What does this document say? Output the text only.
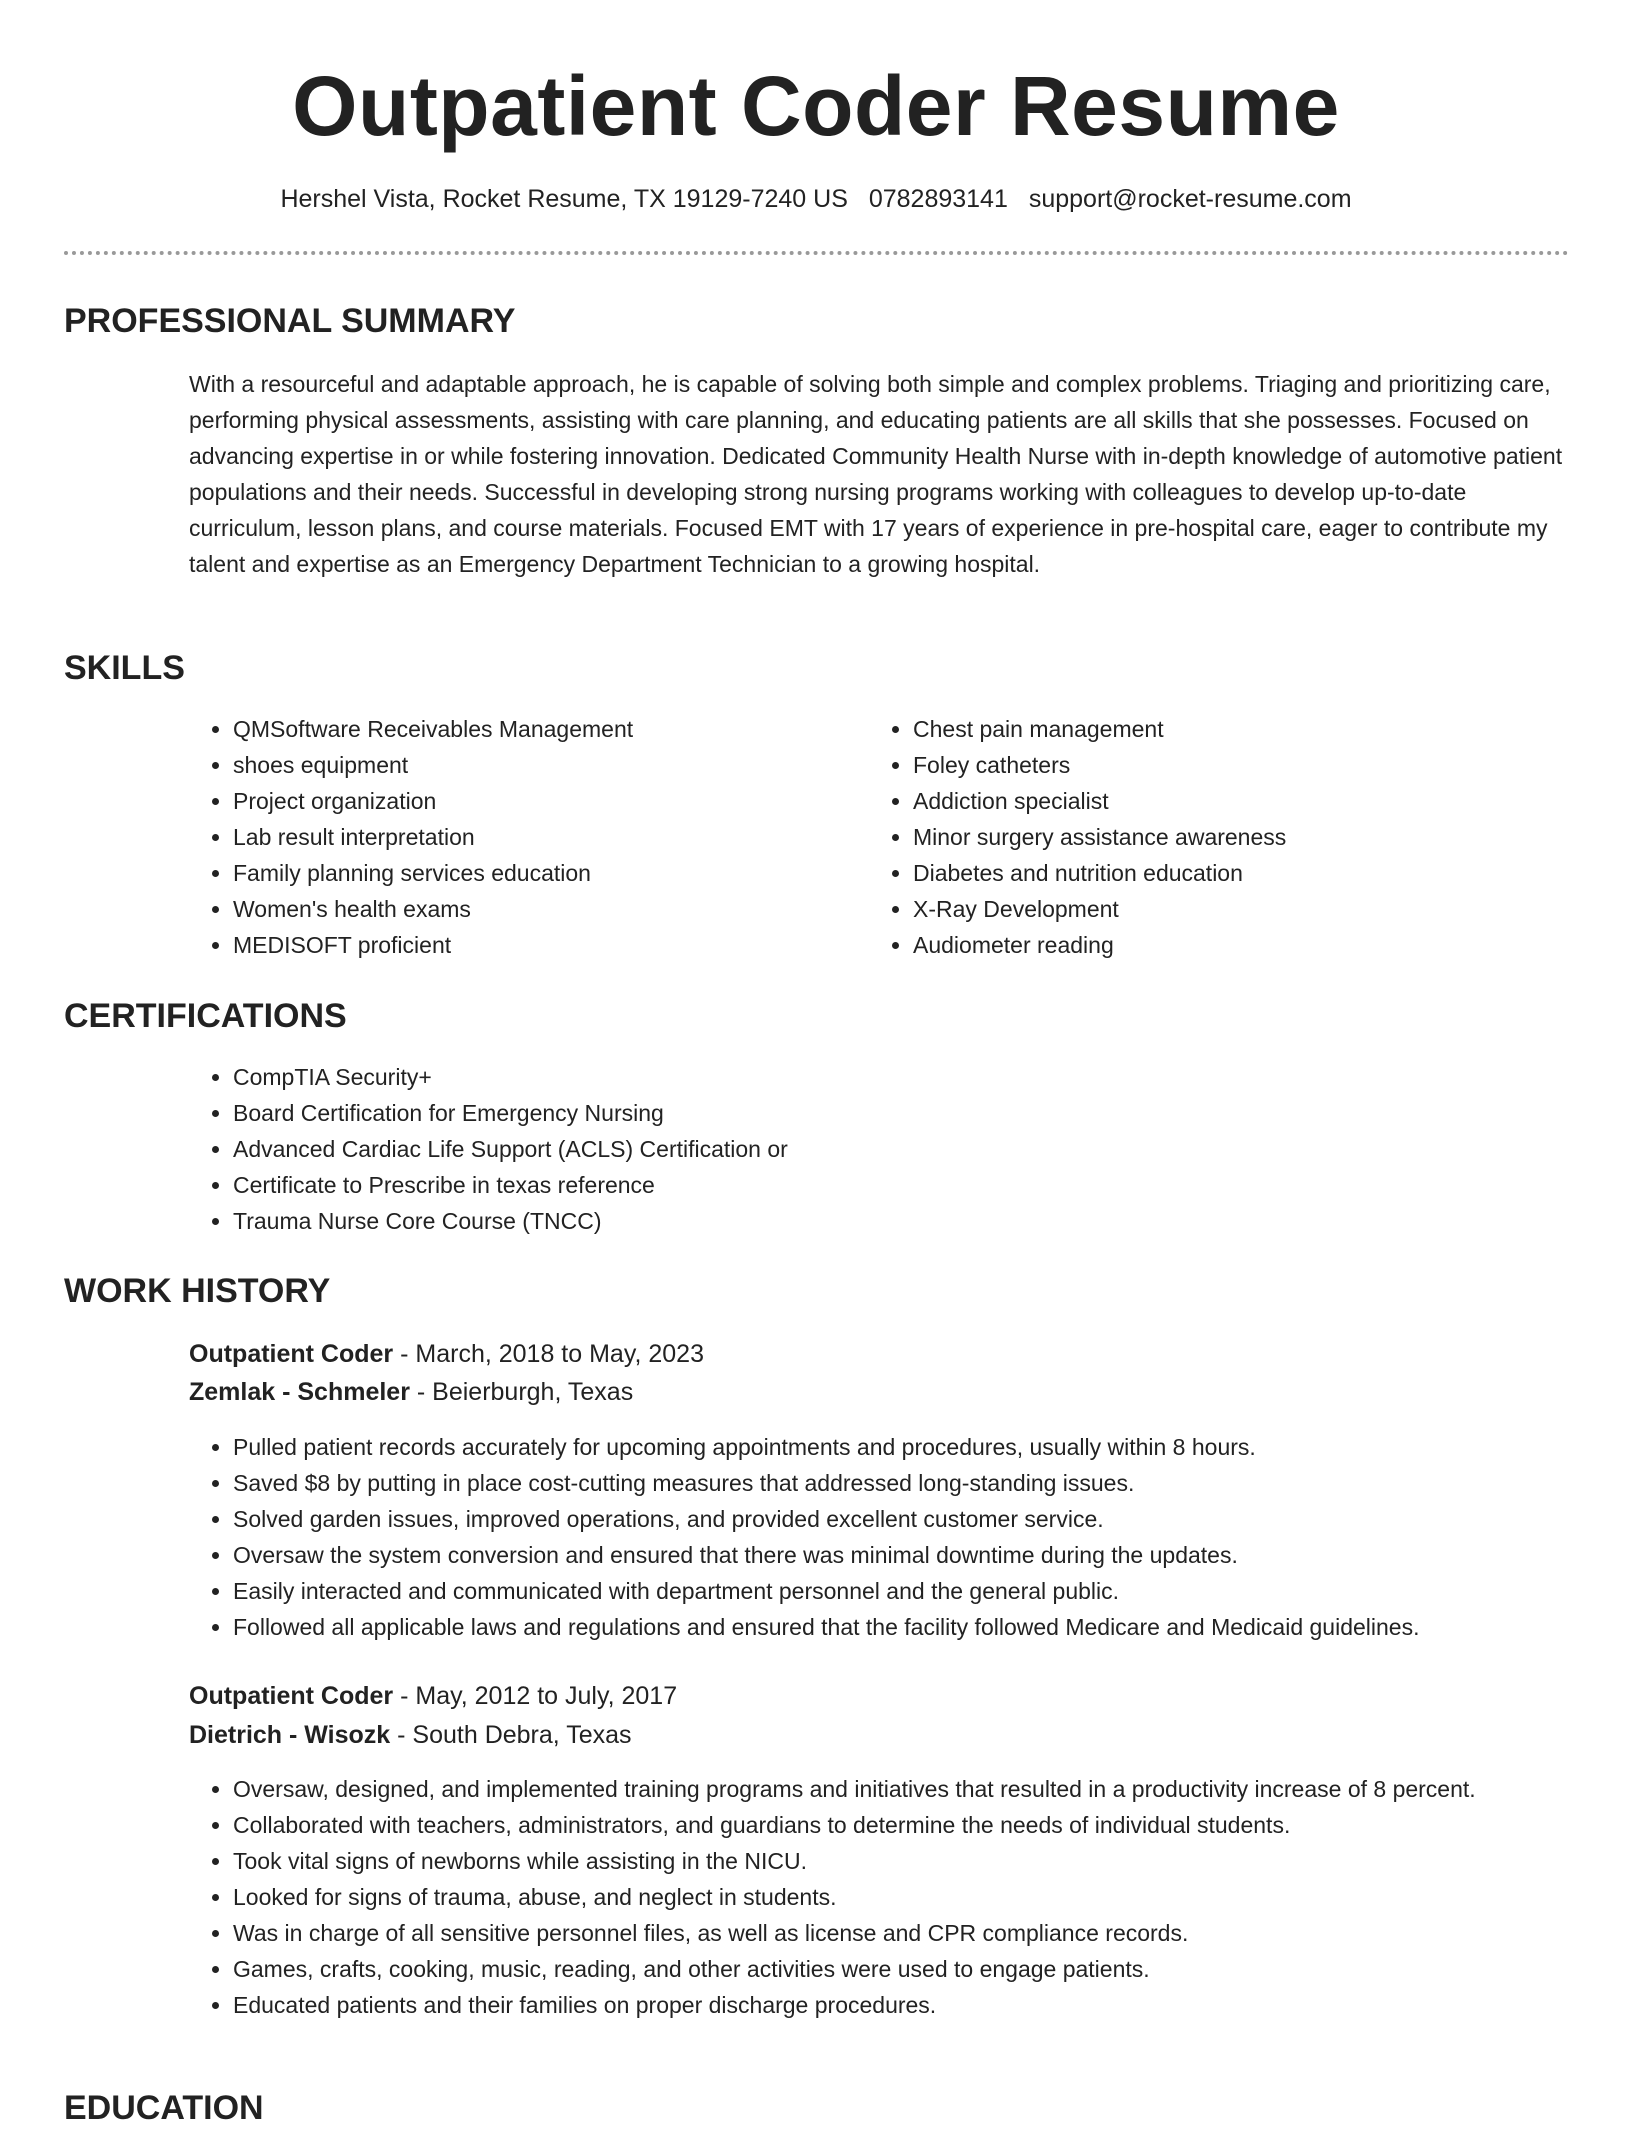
Outpatient Coder Resume
Hershel Vista, Rocket Resume, TX 19129-7240 US 0782893141 support@rocket-resume.com
PROFESSIONAL SUMMARY

With a resourceful and adaptable approach, he is capable of solving both simple and complex problems. Triaging and prioritizing care, performing physical assessments, assisting with care planning, and educating patients are all skills that she possesses. Focused on advancing expertise in or while fostering innovation. Dedicated Community Health Nurse with in-depth knowledge of automotive patient populations and their needs. Successful in developing strong nursing programs working with colleagues to develop up-to-date curriculum, lesson plans, and course materials. Focused EMT with 17 years of experience in pre-hospital care, eager to contribute my talent and expertise as an Emergency Department Technician to a growing hospital.

SKILLS
• QMSoftware Receivables Management
• shoes equipment
• Project organization
• Lab result interpretation
• Family planning services education
• Women's health exams
• MEDISOFT proficient
• Chest pain management
• Foley catheters
• Addiction specialist
• Minor surgery assistance awareness
• Diabetes and nutrition education
• X-Ray Development
• Audiometer reading
CERTIFICATIONS
• CompTIA Security+
• Board Certification for Emergency Nursing
• Advanced Cardiac Life Support (ACLS) Certification or
• Certificate to Prescribe in texas reference
• Trauma Nurse Core Course (TNCC)
WORK HISTORY
Outpatient Coder - March, 2018 to May, 2023
Zemlak - Schmeler - Beierburgh, Texas
• Pulled patient records accurately for upcoming appointments and procedures, usually within 8 hours.
• Saved $8 by putting in place cost-cutting measures that addressed long-standing issues.
• Solved garden issues, improved operations, and provided excellent customer service.
• Oversaw the system conversion and ensured that there was minimal downtime during the updates.
• Easily interacted and communicated with department personnel and the general public.
• Followed all applicable laws and regulations and ensured that the facility followed Medicare and Medicaid guidelines.
Outpatient Coder - May, 2012 to July, 2017
Dietrich - Wisozk - South Debra, Texas
• Oversaw, designed, and implemented training programs and initiatives that resulted in a productivity increase of 8 percent.
• Collaborated with teachers, administrators, and guardians to determine the needs of individual students.
• Took vital signs of newborns while assisting in the NICU.
• Looked for signs of trauma, abuse, and neglect in students.
• Was in charge of all sensitive personnel files, as well as license and CPR compliance records.
• Games, crafts, cooking, music, reading, and other activities were used to engage patients.
• Educated patients and their families on proper discharge procedures.
EDUCATION
